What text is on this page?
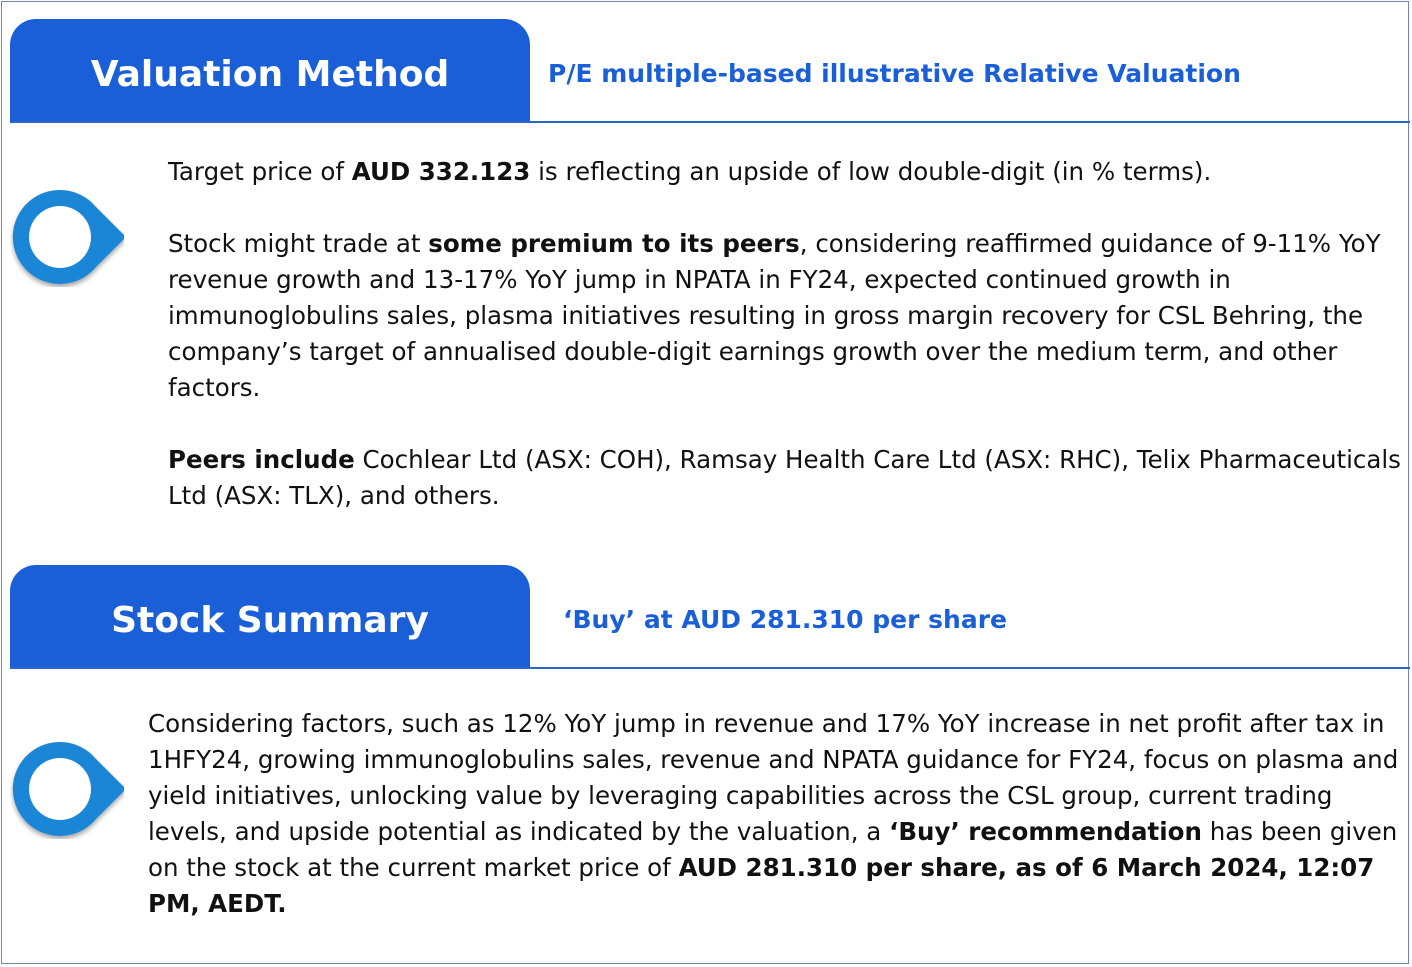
Valuation Method	P/E multiple-based illustrative Relative Valuation

Target price of AUD 332.123 is reflecting an upside of low double-digit (in % terms).

Stock might trade at some premium to its peers, considering reaffirmed guidance of 9-11% YoY revenue growth and 13-17% YoY jump in NPATA in FY24, expected continued growth in immunoglobulins sales, plasma initiatives resulting in gross margin recovery for CSL Behring, the company’s target of annualised double-digit earnings growth over the medium term, and other factors.

Peers include Cochlear Ltd (ASX: COH), Ramsay Health Care Ltd (ASX: RHC), Telix Pharmaceuticals Ltd (ASX: TLX), and others.

Stock Summary	‘Buy’ at AUD 281.310 per share

Considering factors, such as 12% YoY jump in revenue and 17% YoY increase in net profit after tax in 1HFY24, growing immunoglobulins sales, revenue and NPATA guidance for FY24, focus on plasma and yield initiatives, unlocking value by leveraging capabilities across the CSL group, current trading levels, and upside potential as indicated by the valuation, a ‘Buy’ recommendation has been given on the stock at the current market price of AUD 281.310 per share, as of 6 March 2024, 12:07 PM, AEDT.
